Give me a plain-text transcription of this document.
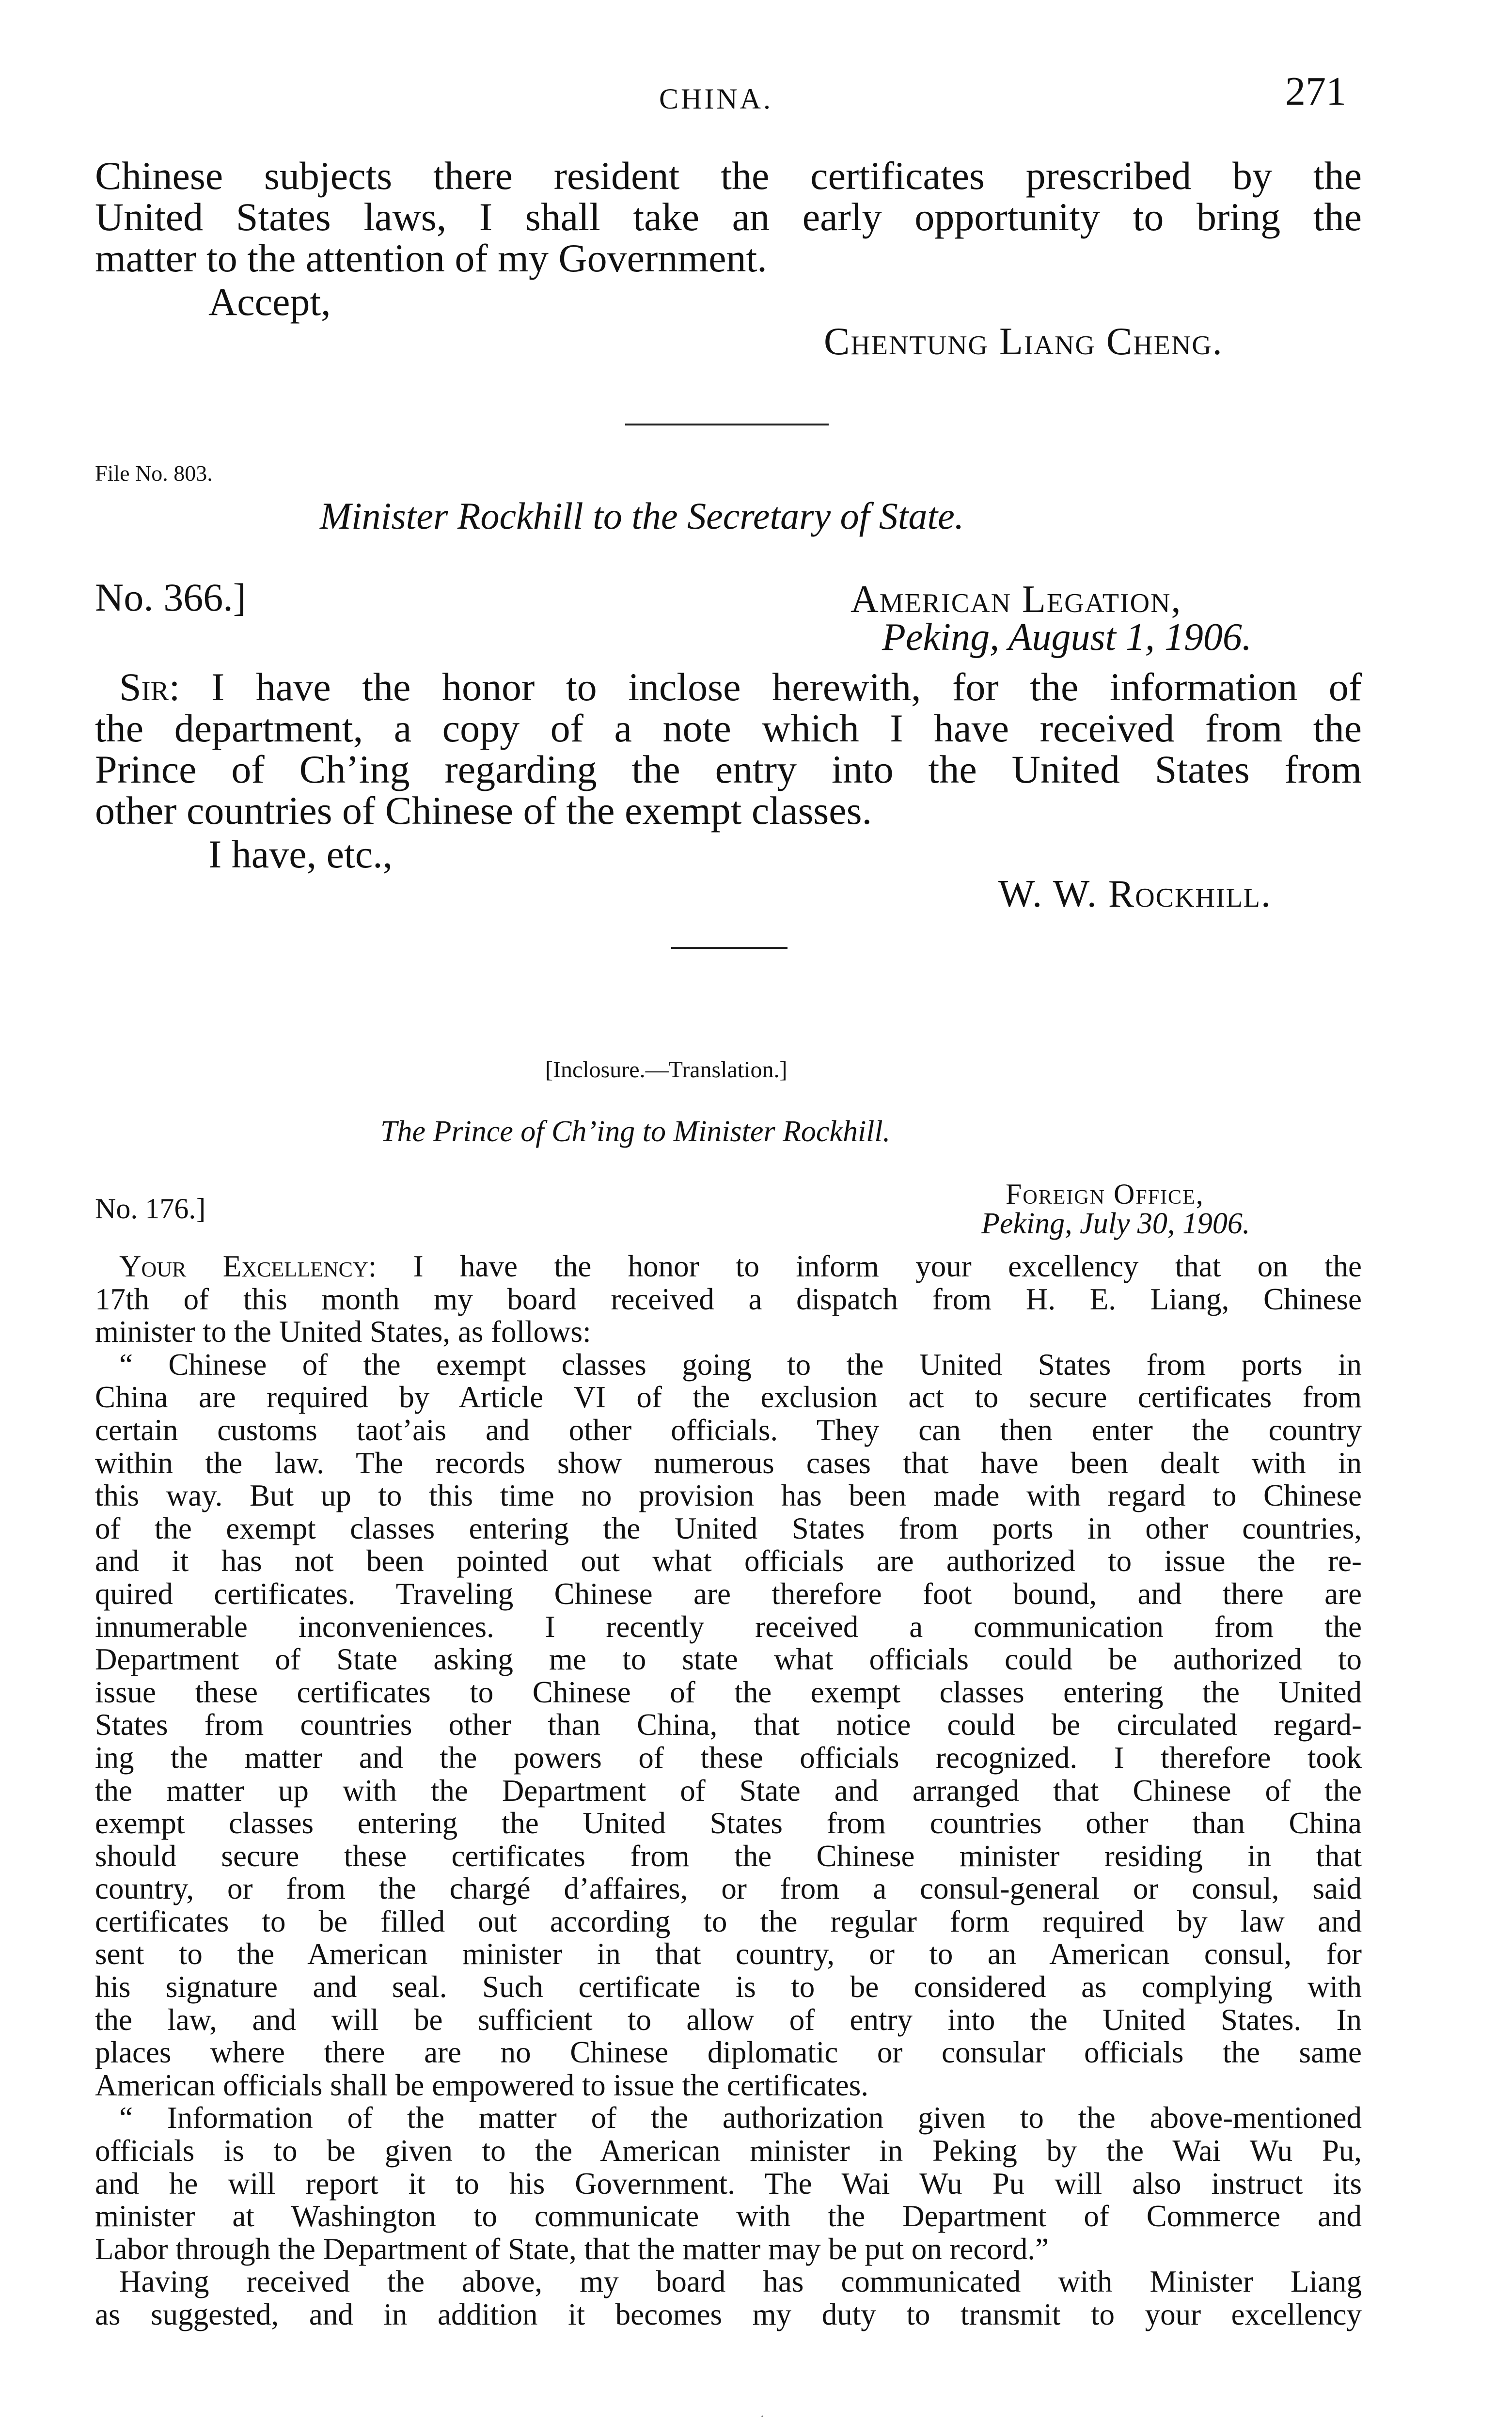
CHINA.	271
Chinese subjects there resident the certificates prescribed by the
United States laws, I shall take an early opportunity to bring the
matter to the attention of my Government.
Accept,
Chentung Liang Cheng.
File No. 803.
Minister Rockhill to the Secretary of State.
No. 366.]	American Legation,
Peking, August 1, 1906.
Sir: I have the honor to inclose herewith, for the information of
the department, a copy of a note which I have received from the
Prince of Ch’ing regarding the entry into the United States from
other countries of Chinese of the exempt classes.
I have, etc.,
W. W. Rockhill.
[Inclosure.—Translation.]
The Prince of Ch’ing to Minister Rockhill.
No. 176.]	Foreign Office,
Peking, July 30, 1906.
Your Excellency: I have the honor to inform your excellency that on the
17th of this month my board received a dispatch from H. E. Liang, Chinese
minister to the United States, as follows:
“ Chinese of the exempt classes going to the United States from ports in
China are required by Article VI of the exclusion act to secure certificates from
certain customs taot’ais and other officials. They can then enter the country
within the law. The records show numerous cases that have been dealt with in
this way. But up to this time no provision has been made with regard to Chinese
of the exempt classes entering the United States from ports in other countries,
and it has not been pointed out what officials are authorized to issue the re-
quired certificates. Traveling Chinese are therefore foot bound, and there are
innumerable inconveniences. I recently received a communication from the
Department of State asking me to state what officials could be authorized to
issue these certificates to Chinese of the exempt classes entering the United
States from countries other than China, that notice could be circulated regard-
ing the matter and the powers of these officials recognized. I therefore took
the matter up with the Department of State and arranged that Chinese of the
exempt classes entering the United States from countries other than China
should secure these certificates from the Chinese minister residing in that
country, or from the chargé d’affaires, or from a consul-general or consul, said
certificates to be filled out according to the regular form required by law and
sent to the American minister in that country, or to an American consul, for
his signature and seal. Such certificate is to be considered as complying with
the law, and will be sufficient to allow of entry into the United States. In
places where there are no Chinese diplomatic or consular officials the same
American officials shall be empowered to issue the certificates.
“ Information of the matter of the authorization given to the above-mentioned
officials is to be given to the American minister in Peking by the Wai Wu Pu,
and he will report it to his Government. The Wai Wu Pu will also instruct its
minister at Washington to communicate with the Department of Commerce and
Labor through the Department of State, that the matter may be put on record.”
Having received the above, my board has communicated with Minister Liang
as suggested, and in addition it becomes my duty to transmit to your excellency
·
